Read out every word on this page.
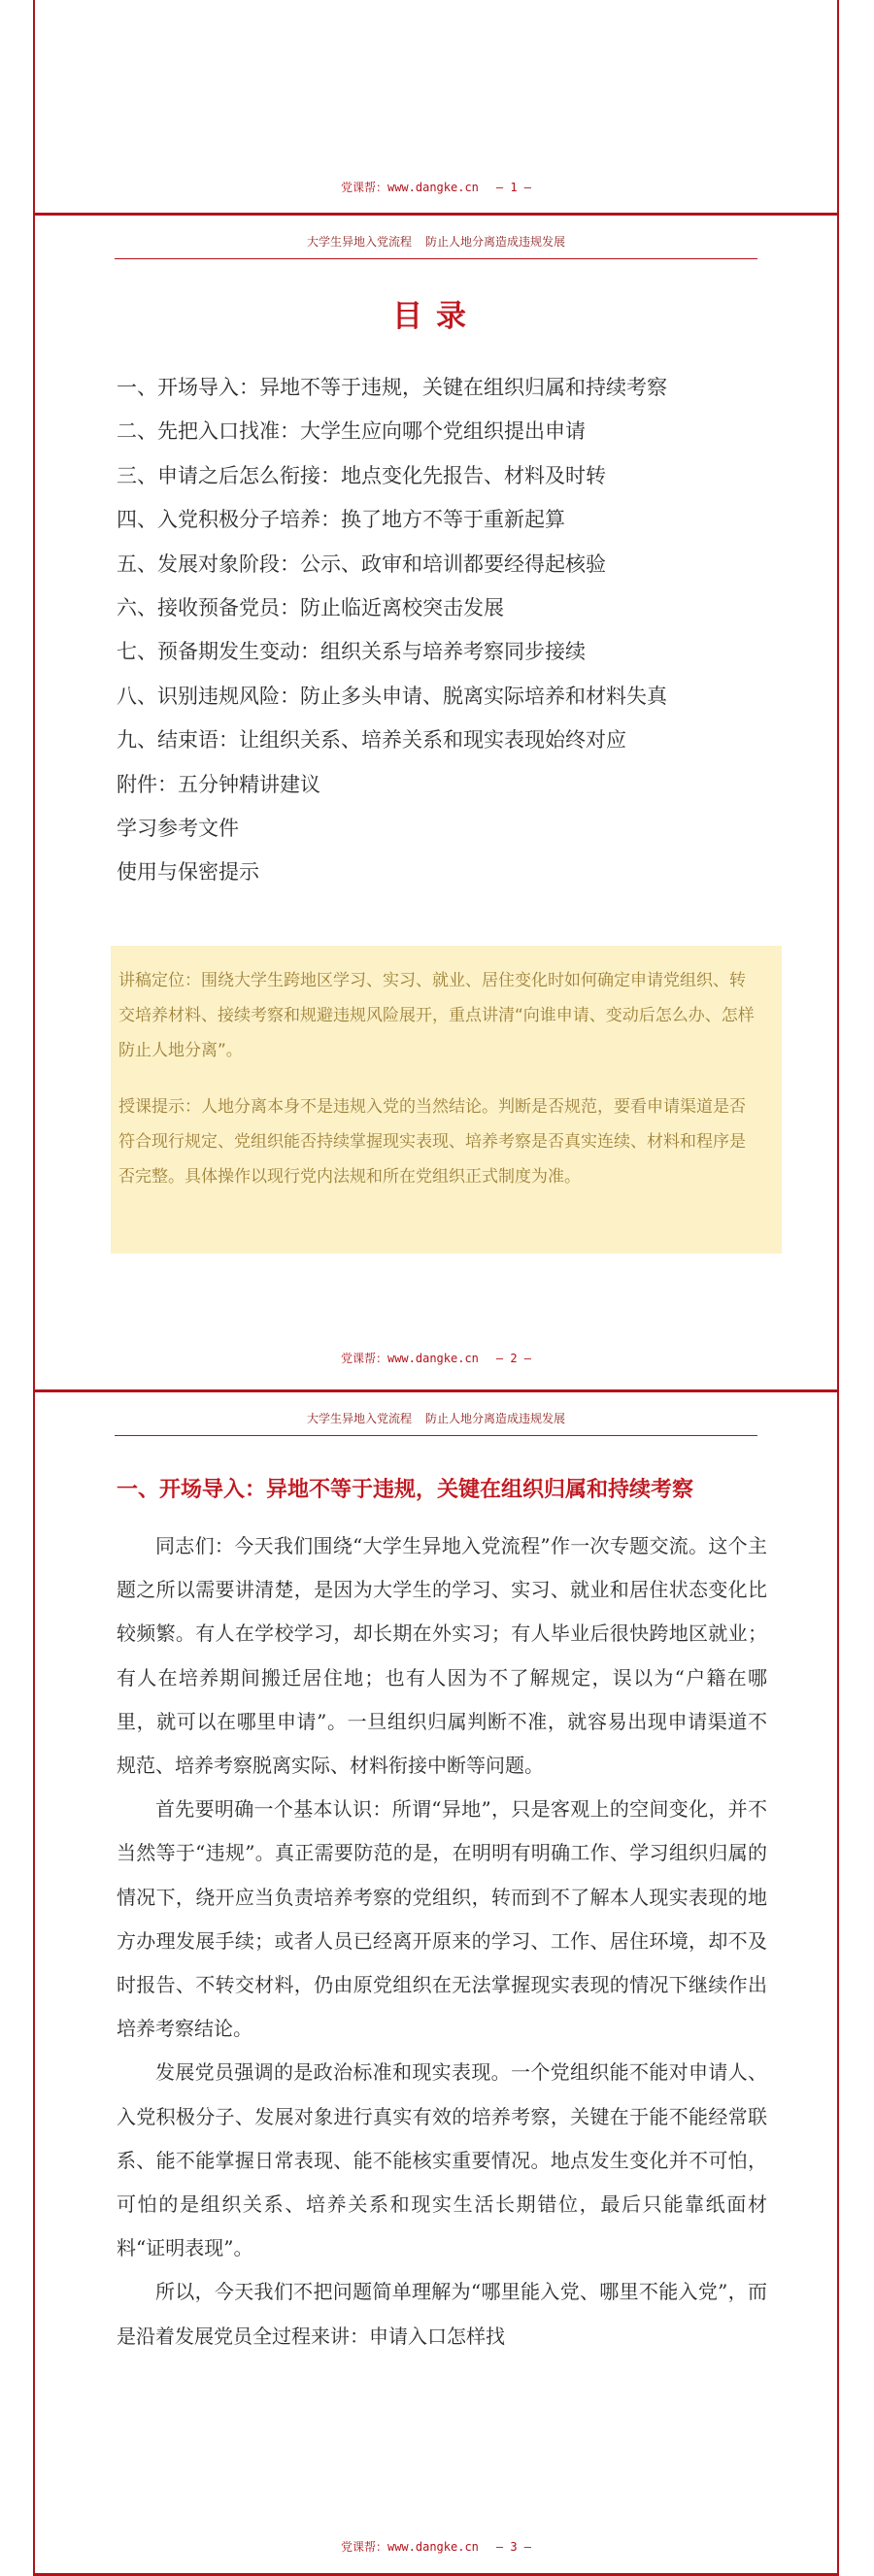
党课帮：www.dangke.cn — 1 —
大学生异地入党流程 防止人地分离造成违规发展
目录
一、开场导入：异地不等于违规，关键在组织归属和持续考察
二、先把入口找准：大学生应向哪个党组织提出申请
三、申请之后怎么衔接：地点变化先报告、材料及时转
四、入党积极分子培养：换了地方不等于重新起算
五、发展对象阶段：公示、政审和培训都要经得起核验
六、接收预备党员：防止临近离校突击发展
七、预备期发生变动：组织关系与培养考察同步接续
八、识别违规风险：防止多头申请、脱离实际培养和材料失真
九、结束语：让组织关系、培养关系和现实表现始终对应
附件：五分钟精讲建议
学习参考文件
使用与保密提示

讲稿定位：围绕大学生跨地区学习、实习、就业、居住变化时如何确定申请党组织、转交培养材料、接续考察和规避违规风险展开，重点讲清“向谁申请、变动后怎么办、怎样防止人地分离”。

授课提示：人地分离本身不是违规入党的当然结论。判断是否规范，要看申请渠道是否符合现行规定、党组织能否持续掌握现实表现、培养考察是否真实连续、材料和程序是否完整。具体操作以现行党内法规和所在党组织正式制度为准。

党课帮：www.dangke.cn — 2 —
大学生异地入党流程 防止人地分离造成违规发展
一、开场导入：异地不等于违规，关键在组织归属和持续考察

同志们：今天我们围绕“大学生异地入党流程”作一次专题交流。这个主题之所以需要讲清楚，是因为大学生的学习、实习、就业和居住状态变化比较频繁。有人在学校学习，却长期在外实习；有人毕业后很快跨地区就业；有人在培养期间搬迁居住地；也有人因为不了解规定，误以为“户籍在哪里，就可以在哪里申请”。一旦组织归属判断不准，就容易出现申请渠道不规范、培养考察脱离实际、材料衔接中断等问题。

首先要明确一个基本认识：所谓“异地”，只是客观上的空间变化，并不当然等于“违规”。真正需要防范的是，在明明有明确工作、学习组织归属的情况下，绕开应当负责培养考察的党组织，转而到不了解本人现实表现的地方办理发展手续；或者人员已经离开原来的学习、工作、居住环境，却不及时报告、不转交材料，仍由原党组织在无法掌握现实表现的情况下继续作出培养考察结论。

发展党员强调的是政治标准和现实表现。一个党组织能不能对申请人、入党积极分子、发展对象进行真实有效的培养考察，关键在于能不能经常联系、能不能掌握日常表现、能不能核实重要情况。地点发生变化并不可怕，可怕的是组织关系、培养关系和现实生活长期错位，最后只能靠纸面材料“证明表现”。

所以，今天我们不把问题简单理解为“哪里能入党、哪里不能入党”，而是沿着发展党员全过程来讲：申请入口怎样找

党课帮：www.dangke.cn — 3 —
